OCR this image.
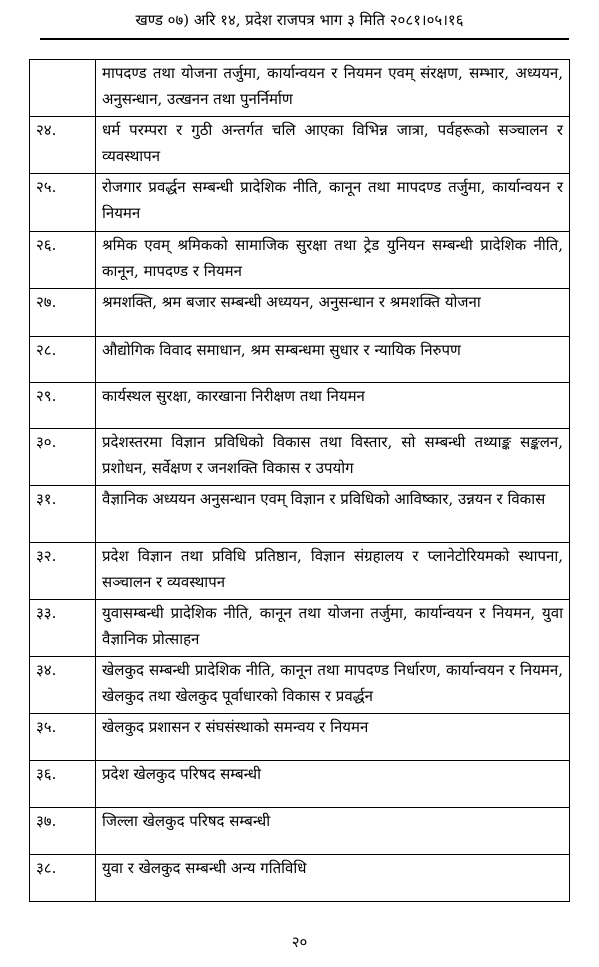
खण्ड ०७) अरि १४, प्रदेश राजपत्र भाग ३ मिति २०८१।०५।१६
	मापदण्ड तथा योजना तर्जुमा, कार्यान्वयन र नियमन एवम् संरक्षण, सम्भार, अध्ययन, अनुसन्धान, उत्खनन तथा पुनर्निर्माण
२४.	धर्म परम्परा र गुठी अन्तर्गत चलि आएका विभिन्न जात्रा, पर्वहरूको सञ्चालन र व्यवस्थापन
२५.	रोजगार प्रवर्द्धन सम्बन्धी प्रादेशिक नीति, कानून तथा मापदण्ड तर्जुमा, कार्यान्वयन र नियमन
२६.	श्रमिक एवम् श्रमिकको सामाजिक सुरक्षा तथा ट्रेड युनियन सम्बन्धी प्रादेशिक नीति, कानून, मापदण्ड र नियमन
२७.	श्रमशक्ति, श्रम बजार सम्बन्धी अध्ययन, अनुसन्धान र श्रमशक्ति योजना
२८.	औद्योगिक विवाद समाधान, श्रम सम्बन्धमा सुधार र न्यायिक निरुपण
२९.	कार्यस्थल सुरक्षा, कारखाना निरीक्षण तथा नियमन
३०.	प्रदेशस्तरमा विज्ञान प्रविधिको विकास तथा विस्तार, सो सम्बन्धी तथ्याङ्क सङ्कलन, प्रशोधन, सर्वेक्षण र जनशक्ति विकास र उपयोग
३१.	वैज्ञानिक अध्ययन अनुसन्धान एवम् विज्ञान र प्रविधिको आविष्कार, उन्नयन र विकास
३२.	प्रदेश विज्ञान तथा प्रविधि प्रतिष्ठान, विज्ञान संग्रहालय र प्लानेटोरियमको स्थापना, सञ्चालन र व्यवस्थापन
३३.	युवासम्बन्धी प्रादेशिक नीति, कानून तथा योजना तर्जुमा, कार्यान्वयन र नियमन, युवा वैज्ञानिक प्रोत्साहन
३४.	खेलकुद सम्बन्धी प्रादेशिक नीति, कानून तथा मापदण्ड निर्धारण, कार्यान्वयन र नियमन, खेलकुद तथा खेलकुद पूर्वाधारको विकास र प्रवर्द्धन
३५.	खेलकुद प्रशासन र संघसंस्थाको समन्वय र नियमन
३६.	प्रदेश खेलकुद परिषद सम्बन्धी
३७.	जिल्ला खेलकुद परिषद सम्बन्धी
३८.	युवा र खेलकुद सम्बन्धी अन्य गतिविधि
२०
